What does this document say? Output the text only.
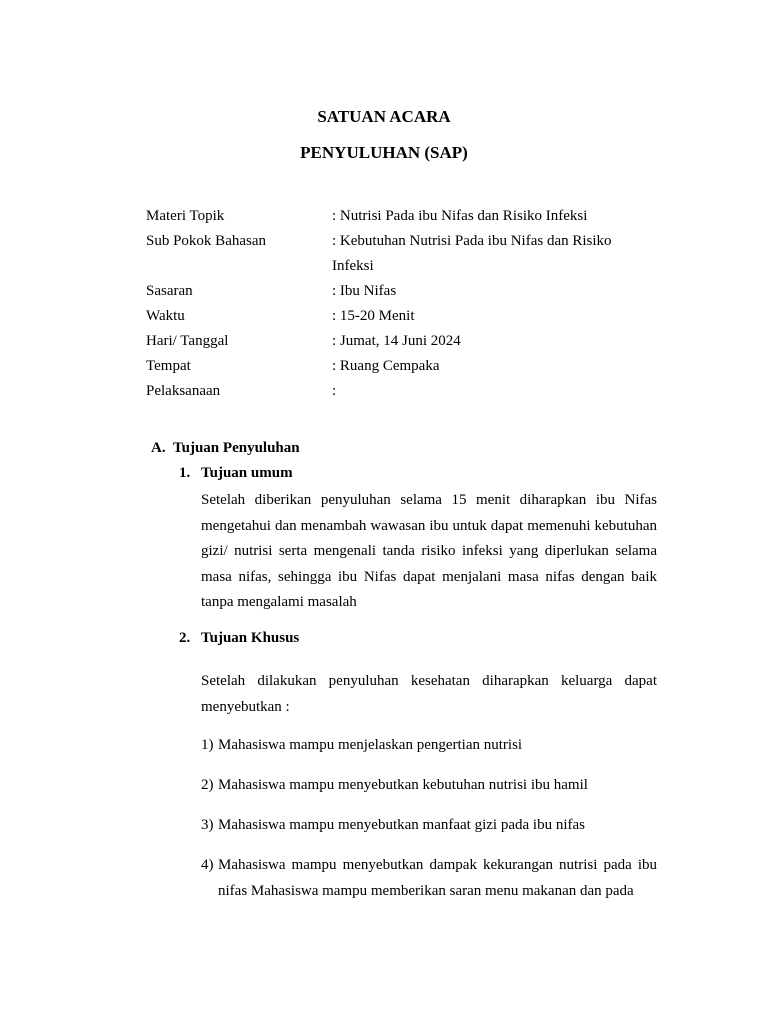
SATUAN ACARA
PENYULUHAN (SAP)
Materi Topik	: Nutrisi Pada ibu Nifas dan Risiko Infeksi

Sub Pokok Bahasan	: Kebutuhan Nutrisi Pada ibu Nifas dan Risiko Infeksi

Sasaran	: Ibu Nifas

Waktu	: 15-20 Menit

Hari/ Tanggal	: Jumat, 14 Juni 2024

Tempat	: Ruang Cempaka

Pelaksanaan	:
A. Tujuan Penyuluhan
1. Tujuan umum

Setelah diberikan penyuluhan selama 15 menit diharapkan ibu Nifas mengetahui dan menambah wawasan ibu untuk dapat memenuhi kebutuhan gizi/ nutrisi serta mengenali tanda risiko infeksi yang diperlukan selama masa nifas, sehingga ibu Nifas dapat menjalani masa nifas dengan baik tanpa mengalami masalah

2. Tujuan Khusus

Setelah dilakukan penyuluhan kesehatan diharapkan keluarga dapat menyebutkan :

1) Mahasiswa mampu menjelaskan pengertian nutrisi
2) Mahasiswa mampu menyebutkan kebutuhan nutrisi ibu hamil
3) Mahasiswa mampu menyebutkan manfaat gizi pada ibu nifas
4) Mahasiswa mampu menyebutkan dampak kekurangan nutrisi pada ibu nifas Mahasiswa mampu memberikan saran menu makanan dan pada
